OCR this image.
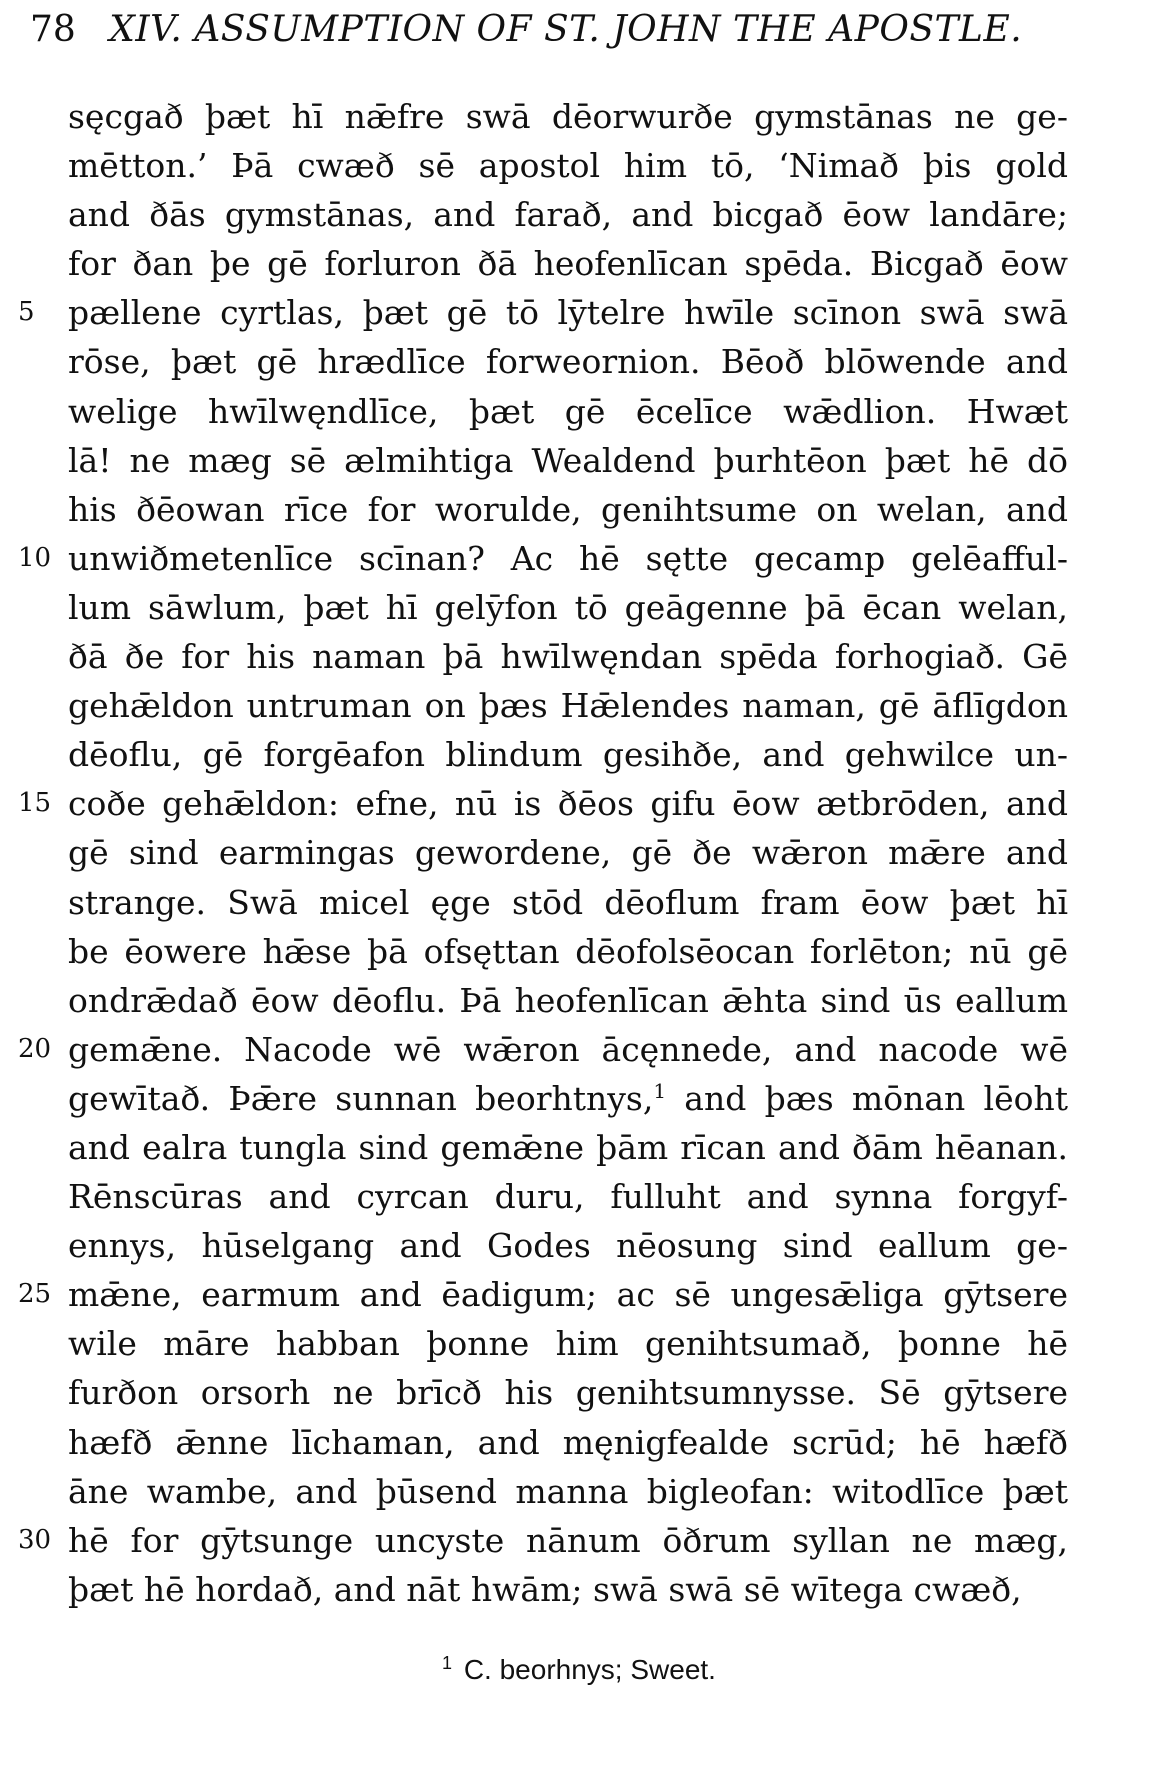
78 XIV. ASSUMPTION OF ST. JOHN THE APOSTLE.
sęcgað þæt hī nǣfre swā dēorwurðe gymstānas ne ge-
mētton.’ Þā cwæð sē apostol him tō, ‘Nimað þis gold
and ðās gymstānas, and farað, and bicgað ēow landāre;
for ðan þe gē forluron ðā heofenlīcan spēda. Bicgað ēow
5	pællene cyrtlas, þæt gē tō lȳtelre hwīle scīnon swā swā
rōse, þæt gē hrædlīce forweornion. Bēoð blōwende and
welige hwīlwęndlīce, þæt gē ēcelīce wǣdlion. Hwæt
lā! ne mæg sē ælmihtiga Wealdend þurhtēon þæt hē dō
his ðēowan rīce for worulde, genihtsume on welan, and
10 unwiðmetenlīce scīnan? Ac hē sętte gecamp gelēafful-
lum sāwlum, þæt hī gelȳfon tō geāgenne þā ēcan welan,
ðā ðe for his naman þā hwīlwęndan spēda forhogiað. Gē
gehǣldon untruman on þæs Hǣlendes naman, gē āflīgdon
dēoflu, gē forgēafon blindum gesihðe, and gehwilce un-
15 coðe gehǣldon: efne, nū is ðēos gifu ēow ætbrōden, and
gē sind earmingas gewordene, gē ðe wǣron mǣre and
strange. Swā micel ęge stōd dēoflum fram ēow þæt hī
be ēowere hǣse þā ofsęttan dēofolsēocan forlēton; nū gē
ondrǣdað ēow dēoflu. Þā heofenlīcan ǣhta sind ūs eallum
20 gemǣne. Nacode wē wǣron ācęnnede, and nacode wē
gewītað. Þǣre sunnan beorhtnys,$^1$ and þæs mōnan lēoht
and ealra tungla sind gemǣne þām rīcan and ðām hēanan.
Rēnscūras and cyrcan duru, fulluht and synna forgyf-
ennys, hūselgang and Godes nēosung sind eallum ge-
25 mǣne, earmum and ēadigum; ac sē ungesǣliga gȳtsere
wile māre habban þonne him genihtsumað, þonne hē
furðon orsorh ne brīcð his genihtsumnysse. Sē gȳtsere
hæfð ǣnne līchaman, and męnigfealde scrūd; hē hæfð
āne wambe, and þūsend manna bigleofan: witodlīce þæt
30 hē for gȳtsunge uncyste nānum ōðrum syllan ne mæg,
þæt hē hordað, and nāt hwām; swā swā sē wītega cwæð,
$^1$ C. beorhnys; Sweet.
